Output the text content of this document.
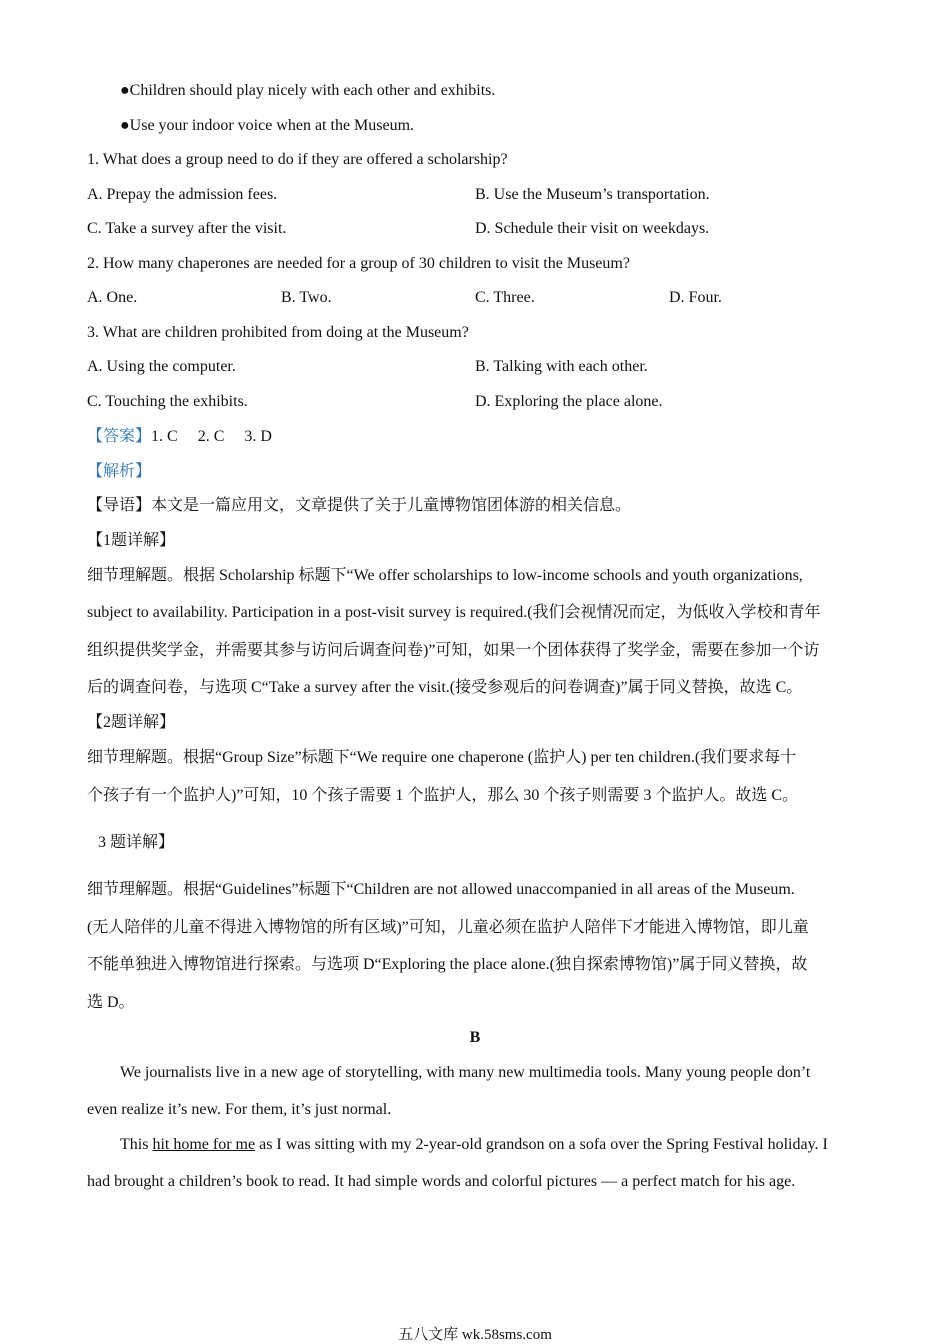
●Children should play nicely with each other and exhibits.
●Use your indoor voice when at the Museum.
1. What does a group need to do if they are offered a scholarship?
A. Prepay the admission fees.	B. Use the Museum’s transportation.
C. Take a survey after the visit.	D. Schedule their visit on weekdays.
2. How many chaperones are needed for a group of 30 children to visit the Museum?
A. One.	B. Two.	C. Three.	D. Four.
3. What are children prohibited from doing at the Museum?
A. Using the computer.	B. Talking with each other.
C. Touching the exhibits.	D. Exploring the place alone.
【答案】1. C　 2. C　 3. D
【解析】
【导语】本文是一篇应用文，文章提供了关于儿童博物馆团体游的相关信息。
【1题详解】
细节理解题。根据 Scholarship 标题下“We offer scholarships to low-income schools and youth organizations,
subject to availability. Participation in a post-visit survey is required.(我们会视情况而定，为低收入学校和青年
组织提供奖学金，并需要其参与访问后调查问卷)”可知，如果一个团体获得了奖学金，需要在参加一个访
后的调查问卷，与选项 C“Take a survey after the visit.(接受参观后的问卷调查)”属于同义替换，故选 C。
【2题详解】
细节理解题。根据“Group Size”标题下“We require one chaperone (监护人) per ten children.(我们要求每十
个孩子有一个监护人)”可知，10 个孩子需要 1 个监护人，那么 30 个孩子则需要 3 个监护人。故选 C。
3 题详解】
细节理解题。根据“Guidelines”标题下“Children are not allowed unaccompanied in all areas of the Museum.
(无人陪伴的儿童不得进入博物馆的所有区域)”可知，儿童必须在监护人陪伴下才能进入博物馆，即儿童
不能单独进入博物馆进行探索。与选项 D“Exploring the place alone.(独自探索博物馆)”属于同义替换，故
选 D。
B
We journalists live in a new age of storytelling, with many new multimedia tools. Many young people don’t
even realize it’s new. For them, it’s just normal.
This hit home for me as I was sitting with my 2-year-old grandson on a sofa over the Spring Festival holiday. I
had brought a children’s book to read. It had simple words and colorful pictures — a perfect match for his age.
五八文库 wk.58sms.com
